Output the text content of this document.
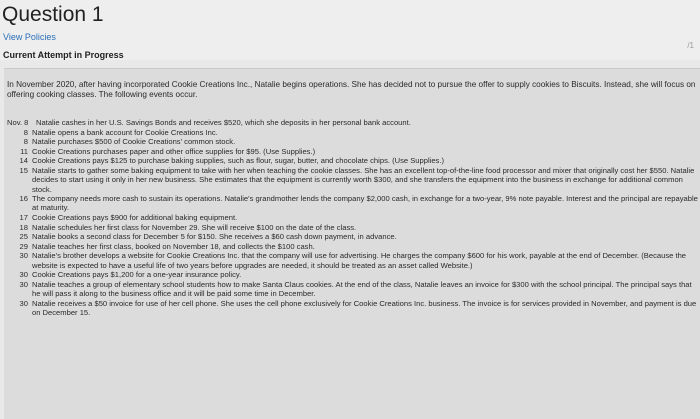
Question 1
View Policies
Current Attempt in Progress
/1
In November 2020, after having incorporated Cookie Creations Inc., Natalie begins operations. She has decided not to pursue the offer to supply cookies to Biscuits. Instead, she will focus on offering cooking classes. The following events occur.
Nov. 8	Natalie cashes in her U.S. Savings Bonds and receives $520, which she deposits in her personal bank account.
8 Natalie opens a bank account for Cookie Creations Inc.
8 Natalie purchases $500 of Cookie Creations' common stock.
11 Cookie Creations purchases paper and other office supplies for $95. (Use Supplies.)
14 Cookie Creations pays $125 to purchase baking supplies, such as flour, sugar, butter, and chocolate chips. (Use Supplies.)
15 Natalie starts to gather some baking equipment to take with her when teaching the cookie classes. She has an excellent top-of-the-line food processor and mixer that originally cost her $550. Natalie decides to start using it only in her new business. She estimates that the equipment is currently worth $300, and she transfers the equipment into the business in exchange for additional common stock.
16 The company needs more cash to sustain its operations. Natalie's grandmother lends the company $2,000 cash, in exchange for a two-year, 9% note payable. Interest and the principal are repayable at maturity.
17 Cookie Creations pays $900 for additional baking equipment.
18 Natalie schedules her first class for November 29. She will receive $100 on the date of the class.
25 Natalie books a second class for December 5 for $150. She receives a $60 cash down payment, in advance.
29 Natalie teaches her first class, booked on November 18, and collects the $100 cash.
30 Natalie's brother develops a website for Cookie Creations Inc. that the company will use for advertising. He charges the company $600 for his work, payable at the end of December. (Because the website is expected to have a useful life of two years before upgrades are needed, it should be treated as an asset called Website.)
30 Cookie Creations pays $1,200 for a one-year insurance policy.
30 Natalie teaches a group of elementary school students how to make Santa Claus cookies. At the end of the class, Natalie leaves an invoice for $300 with the school principal. The principal says that he will pass it along to the business office and it will be paid some time in December.
30 Natalie receives a $50 invoice for use of her cell phone. She uses the cell phone exclusively for Cookie Creations Inc. business. The invoice is for services provided in November, and payment is due on December 15.
